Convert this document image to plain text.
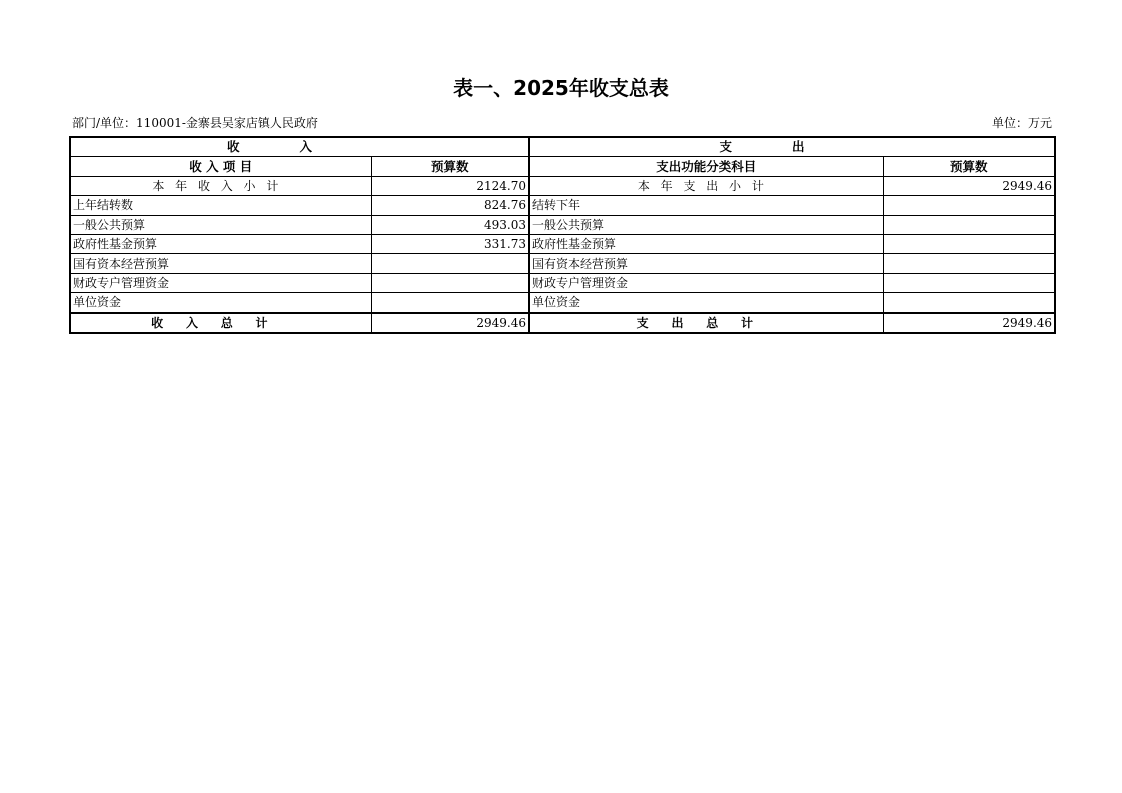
表一、2025年收支总表
部门/单位：110001-金寨县吴家店镇人民政府	单位：万元
收入		支出	
收 入 项 目	预算数	支出功能分类科目	预算数
本年收入小计	2124.70	本年支出小计	2949.46
上年结转数	824.76	结转下年	
一般公共预算	493.03	一般公共预算	
政府性基金预算	331.73	政府性基金预算	
国有资本经营预算		国有资本经营预算	
财政专户管理资金		财政专户管理资金	
单位资金		单位资金	
收入总计	2949.46	支出总计	2949.46
